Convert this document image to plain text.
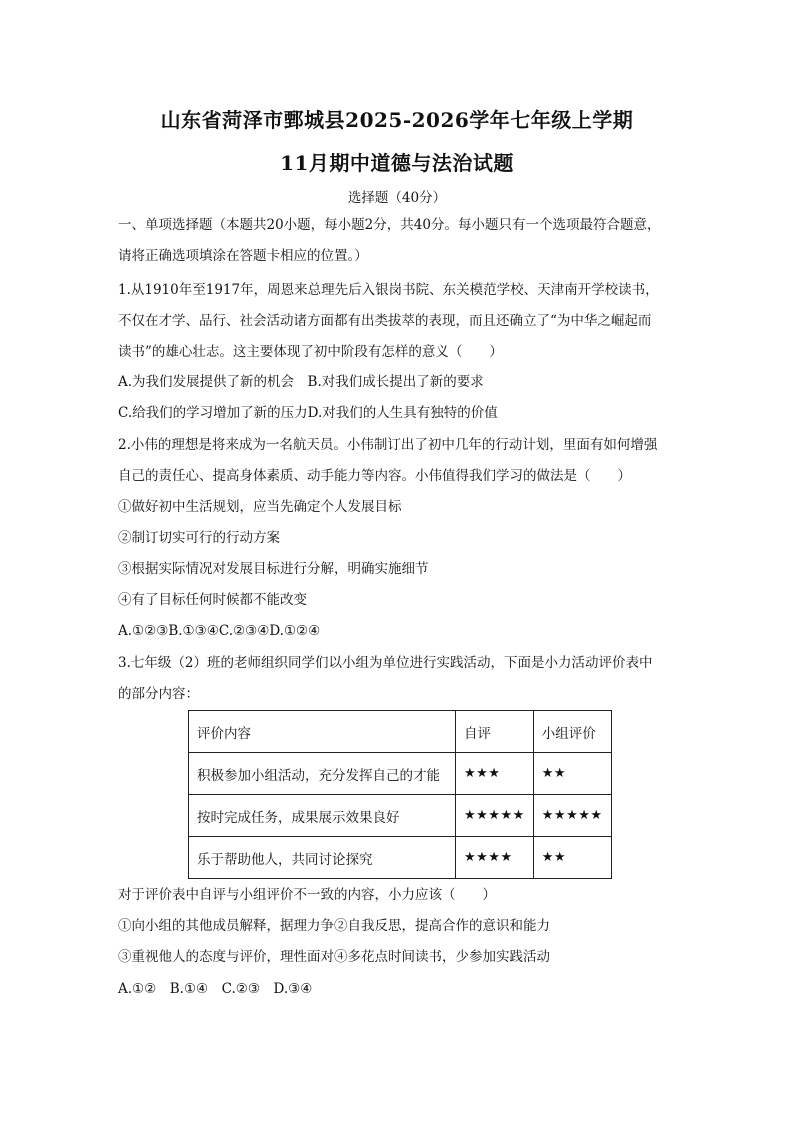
山东省菏泽市鄄城县2025-2026学年七年级上学期
11月期中道德与法治试题
选择题（40分）
一、单项选择题（本题共20小题，每小题2分，共40分。每小题只有一个选项最符合题意，
请将正确选项填涂在答题卡相应的位置。）
1.从1910年至1917年，周恩来总理先后入银岗书院、东关模范学校、天津南开学校读书，
不仅在才学、品行、社会活动诸方面都有出类拔萃的表现，而且还确立了“为中华之崛起而
读书”的雄心壮志。这主要体现了初中阶段有怎样的意义（　　）
A.为我们发展提供了新的机会　B.对我们成长提出了新的要求
C.给我们的学习增加了新的压力D.对我们的人生具有独特的价值
2.小伟的理想是将来成为一名航天员。小伟制订出了初中几年的行动计划，里面有如何增强
自己的责任心、提高身体素质、动手能力等内容。小伟值得我们学习的做法是（　　）
①做好初中生活规划，应当先确定个人发展目标
②制订切实可行的行动方案
③根据实际情况对发展目标进行分解，明确实施细节
④有了目标任何时候都不能改变
A.①②③B.①③④C.②③④D.①②④
3.七年级（2）班的老师组织同学们以小组为单位进行实践活动，下面是小力活动评价表中
的部分内容：
评价内容	自评	小组评价
积极参加小组活动，充分发挥自己的才能	★★★	★★
按时完成任务，成果展示效果良好	★★★★★	★★★★★
乐于帮助他人，共同讨论探究	★★★★	★★
对于评价表中自评与小组评价不一致的内容，小力应该（　　）
①向小组的其他成员解释，据理力争②自我反思，提高合作的意识和能力
③重视他人的态度与评价，理性面对④多花点时间读书，少参加实践活动
A.①②　B.①④　C.②③　D.③④
